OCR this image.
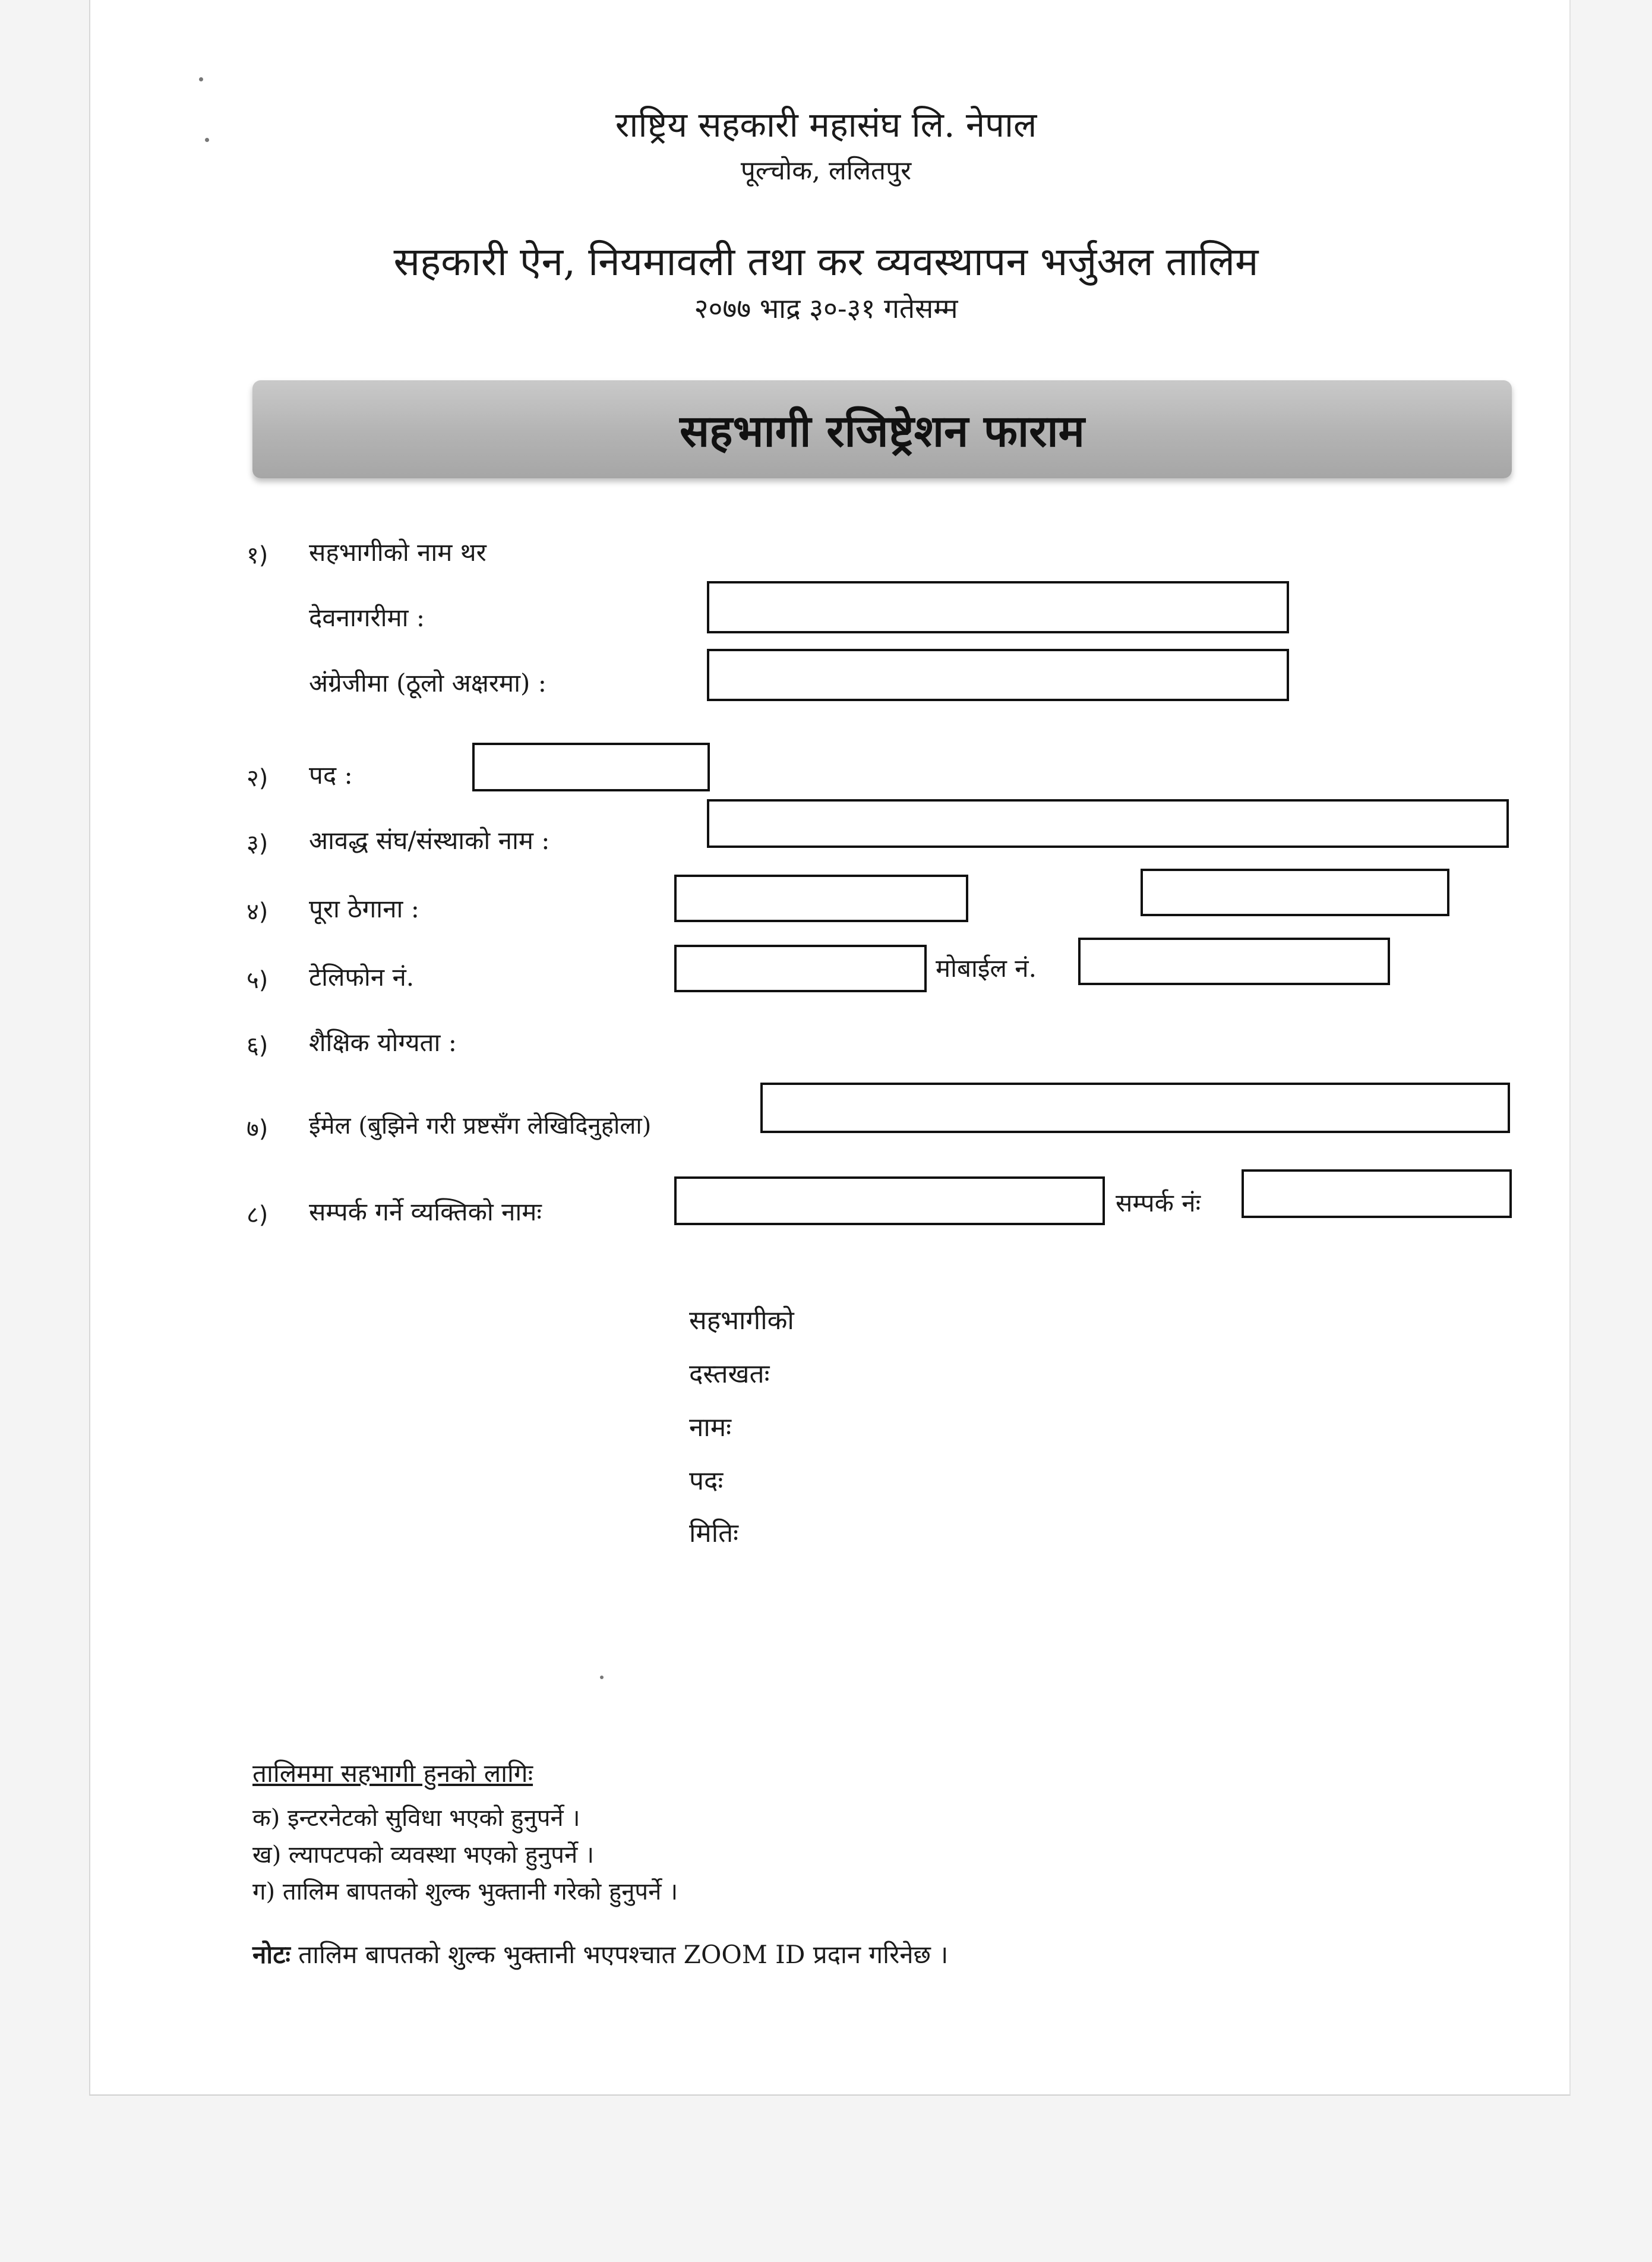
राष्ट्रिय सहकारी महासंघ लि. नेपाल
पूल्चोक, ललितपुर
सहकारी ऐन, नियमावली तथा कर व्यवस्थापन भर्जुअल तालिम
२०७७ भाद्र ३०-३१ गतेसम्म
सहभागी रजिष्ट्रेशन फाराम
१) सहभागीको नाम थर
देवनागरीमा :
अंग्रेजीमा (ठूलो अक्षरमा) :
२) पद :
३) आवद्ध संघ/संस्थाको नाम :
४) पूरा ठेगाना :
५) टेलिफोन नं.	मोबाईल नं.
६) शैक्षिक योग्यता :
७) ईमेल (बुझिने गरी प्रष्टसँग लेखिदिनुहोला)
८) सम्पर्क गर्ने व्यक्तिको नामः	सम्पर्क नंः
सहभागीको
दस्तखतः
नामः
पदः
मितिः
तालिममा सहभागी हुनको लागिः
क) इन्टरनेटको सुविधा भएको हुनुपर्ने ।
ख) ल्यापटपको व्यवस्था भएको हुनुपर्ने ।
ग) तालिम बापतको शुल्क भुक्तानी गरेको हुनुपर्ने ।
नोटः तालिम बापतको शुल्क भुक्तानी भएपश्चात ZOOM ID प्रदान गरिनेछ ।
